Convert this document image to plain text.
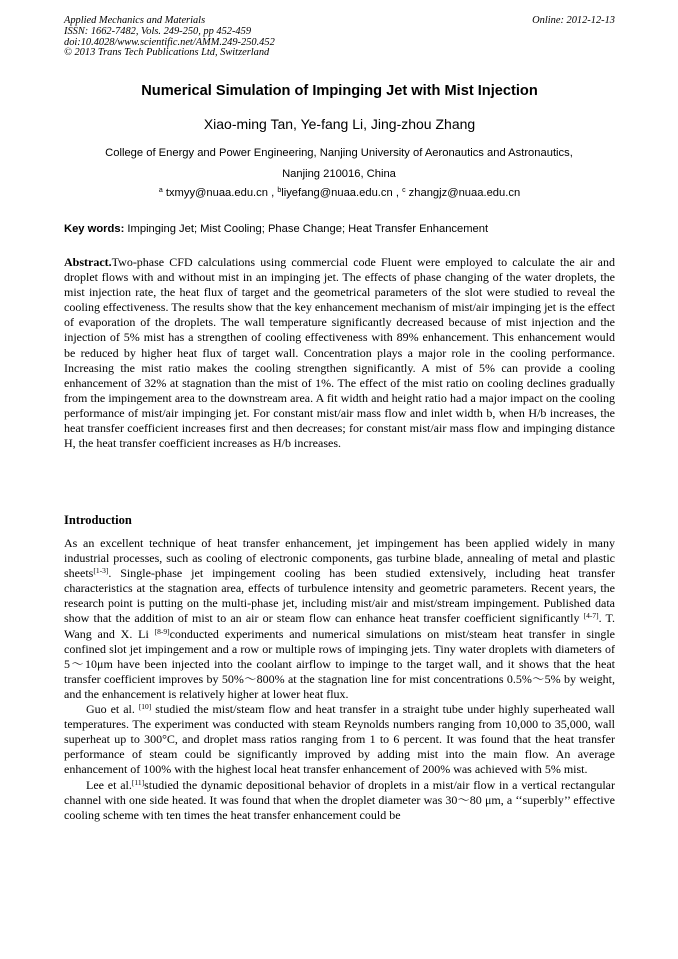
Applied Mechanics and Materials
ISSN: 1662-7482, Vols. 249-250, pp 452-459
doi:10.4028/www.scientific.net/AMM.249-250.452
© 2013 Trans Tech Publications Ltd, Switzerland
Online: 2012-12-13
Numerical Simulation of Impinging Jet with Mist Injection
Xiao-ming Tan, Ye-fang Li, Jing-zhou Zhang
College of Energy and Power Engineering, Nanjing University of Aeronautics and Astronautics,
Nanjing 210016, China
$^a$ txmyy@nuaa.edu.cn , $^b$liyefang@nuaa.edu.cn , $^c$ zhangjz@nuaa.edu.cn
Key words: Impinging Jet; Mist Cooling; Phase Change; Heat Transfer Enhancement
Abstract.Two-phase CFD calculations using commercial code Fluent were employed to calculate the air and droplet flows with and without mist in an impinging jet. The effects of phase changing of the water droplets, the mist injection rate, the heat flux of target and the geometrical parameters of the slot were studied to reveal the cooling effectiveness. The results show that the key enhancement mechanism of mist/air impinging jet is the effect of evaporation of the droplets. The wall temperature significantly decreased because of mist injection and the injection of 5% mist has a strengthen of cooling effectiveness with 89% enhancement. This enhancement would be reduced by higher heat flux of target wall. Concentration plays a major role in the cooling performance. Increasing the mist ratio makes the cooling strengthen significantly. A mist of 5% can provide a cooling enhancement of 32% at stagnation than the mist of 1%. The effect of the mist ratio on cooling declines gradually from the impingement area to the downstream area. A fit width and height ratio had a major impact on the cooling performance of mist/air impinging jet. For constant mist/air mass flow and inlet width b, when H/b increases, the heat transfer coefficient increases first and then decreases; for constant mist/air mass flow and impinging distance H, the heat transfer coefficient increases as H/b increases.
Introduction

As an excellent technique of heat transfer enhancement, jet impingement has been applied widely in many industrial processes, such as cooling of electronic components, gas turbine blade, annealing of metal and plastic sheets[1-3]. Single-phase jet impingement cooling has been studied extensively, including heat transfer characteristics at the stagnation area, effects of turbulence intensity and geometric parameters. Recent years, the research point is putting on the multi-phase jet, including mist/air and mist/stream impingement. Published data show that the addition of mist to an air or steam flow can enhance heat transfer coefficient significantly [4-7]. T. Wang and X. Li [8-9]conducted experiments and numerical simulations on mist/steam heat transfer in single confined slot jet impingement and a row or multiple rows of impinging jets. Tiny water droplets with diameters of 5～10μm have been injected into the coolant airflow to impinge to the target wall, and it shows that the heat transfer coefficient improves by 50%～800% at the stagnation line for mist concentrations 0.5%～5% by weight, and the enhancement is relatively higher at lower heat flux.

Guo et al. [10] studied the mist/steam flow and heat transfer in a straight tube under highly superheated wall temperatures. The experiment was conducted with steam Reynolds numbers ranging from 10,000 to 35,000, wall superheat up to 300°C, and droplet mass ratios ranging from 1 to 6 percent. It was found that the heat transfer performance of steam could be significantly improved by adding mist into the main flow. An average enhancement of 100% with the highest local heat transfer enhancement of 200% was achieved with 5% mist.

Lee et al.[11]studied the dynamic depositional behavior of droplets in a mist/air flow in a vertical rectangular channel with one side heated. It was found that when the droplet diameter was 30～80 μm, a ‘‘superbly’’ effective cooling scheme with ten times the heat transfer enhancement could be
